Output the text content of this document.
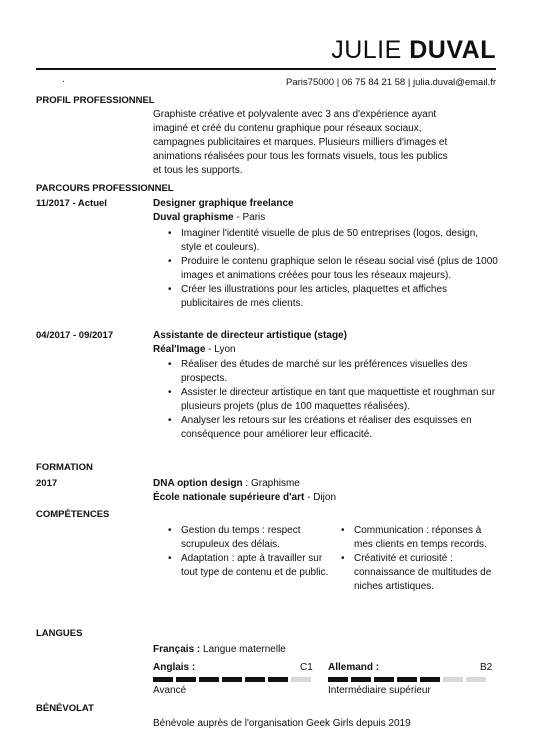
JULIE DUVAL
.	Paris75000 | 06 75 84 21 58 | julia.duval@email.fr
PROFIL PROFESSIONNEL
Graphiste créative et polyvalente avec 3 ans d'expérience ayant
imaginé et créé du contenu graphique pour réseaux sociaux,
campagnes publicitaires et marques. Plusieurs milliers d'images et
animations réalisées pour tous les formats visuels, tous les publics
et tous les supports.
PARCOURS PROFESSIONNEL
11/2017 - Actuel	Designer graphique freelance
Duval graphisme - Paris
• Imaginer l'identité visuelle de plus de 50 entreprises (logos, design, style et couleurs).
• Produire le contenu graphique selon le réseau social visé (plus de 1000 images et animations créées pour tous les réseaux majeurs).
• Créer les illustrations pour les articles, plaquettes et affiches publicitaires de mes clients.
04/2017 - 09/2017	Assistante de directeur artistique (stage)
Réal'Image - Lyon
• Réaliser des études de marché sur les préférences visuelles des prospects.
• Assister le directeur artistique en tant que maquettiste et roughman sur plusieurs projets (plus de 100 maquettes réalisées).
• Analyser les retours sur les créations et réaliser des esquisses en conséquence pour améliorer leur efficacité.
FORMATION
2017	DNA option design : Graphisme
École nationale supérieure d'art - Dijon
COMPÉTENCES
• Gestion du temps : respect scrupuleux des délais.
• Adaptation : apte à travailler sur tout type de contenu et de public.
• Communication : réponses à mes clients en temps records.
• Créativité et curiosité : connaissance de multitudes de niches artistiques.
LANGUES
Français : Langue maternelle
Anglais :	C1
Avancé
Allemand :	B2
Intermédiaire supérieur
BÉNÉVOLAT
Bénévole auprès de l'organisation Geek Girls depuis 2019
